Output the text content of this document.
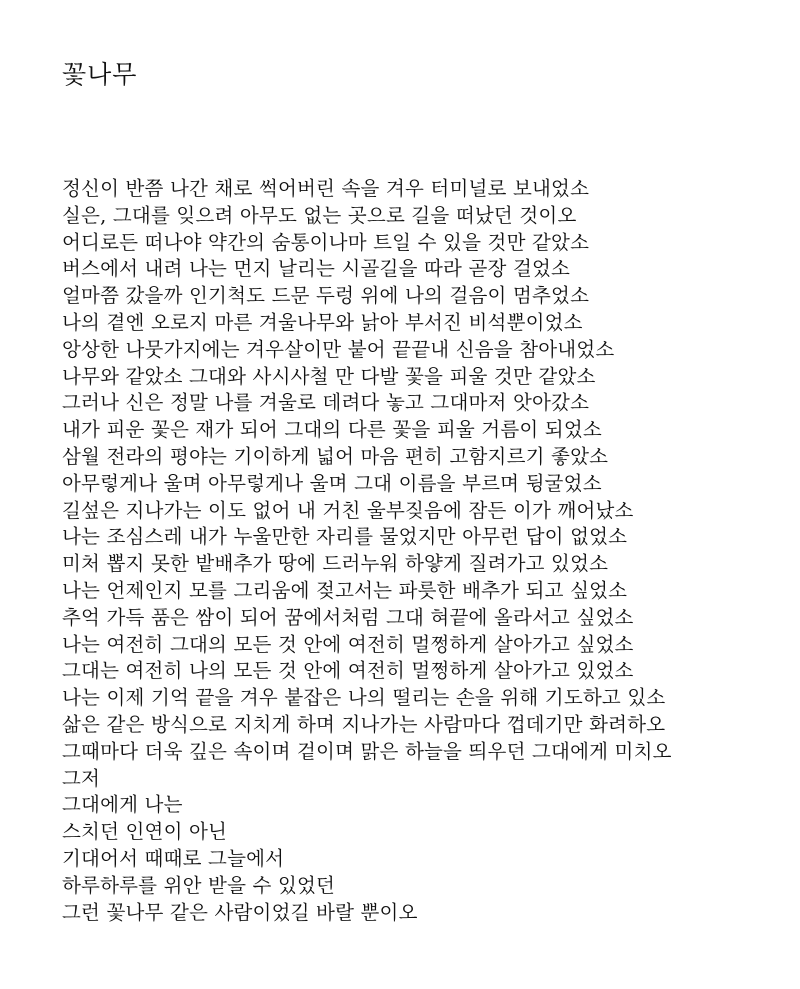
꽃나무
정신이 반쯤 나간 채로 썩어버린 속을 겨우 터미널로 보내었소
실은, 그대를 잊으려 아무도 없는 곳으로 길을 떠났던 것이오
어디로든 떠나야 약간의 숨통이나마 트일 수 있을 것만 같았소
버스에서 내려 나는 먼지 날리는 시골길을 따라 곧장 걸었소
얼마쯤 갔을까 인기척도 드문 두렁 위에 나의 걸음이 멈추었소
나의 곁엔 오로지 마른 겨울나무와 낡아 부서진 비석뿐이었소
앙상한 나뭇가지에는 겨우살이만 붙어 끝끝내 신음을 참아내었소
나무와 같았소 그대와 사시사철 만 다발 꽃을 피울 것만 같았소
그러나 신은 정말 나를 겨울로 데려다 놓고 그대마저 앗아갔소
내가 피운 꽃은 재가 되어 그대의 다른 꽃을 피울 거름이 되었소
삼월 전라의 평야는 기이하게 넓어 마음 편히 고함지르기 좋았소
아무렇게나 울며 아무렇게나 울며 그대 이름을 부르며 뒹굴었소
길섶은 지나가는 이도 없어 내 거친 울부짖음에 잠든 이가 깨어났소
나는 조심스레 내가 누울만한 자리를 물었지만 아무런 답이 없었소
미처 뽑지 못한 밭배추가 땅에 드러누워 하얗게 질려가고 있었소
나는 언제인지 모를 그리움에 젖고서는 파릇한 배추가 되고 싶었소
추억 가득 품은 쌈이 되어 꿈에서처럼 그대 혀끝에 올라서고 싶었소
나는 여전히 그대의 모든 것 안에 여전히 멀쩡하게 살아가고 싶었소
그대는 여전히 나의 모든 것 안에 여전히 멀쩡하게 살아가고 있었소
나는 이제 기억 끝을 겨우 붙잡은 나의 떨리는 손을 위해 기도하고 있소
삶은 같은 방식으로 지치게 하며 지나가는 사람마다 껍데기만 화려하오
그때마다 더욱 깊은 속이며 겉이며 맑은 하늘을 띄우던 그대에게 미치오
그저
그대에게 나는
스치던 인연이 아닌
기대어서 때때로 그늘에서
하루하루를 위안 받을 수 있었던
그런 꽃나무 같은 사람이었길 바랄 뿐이오
